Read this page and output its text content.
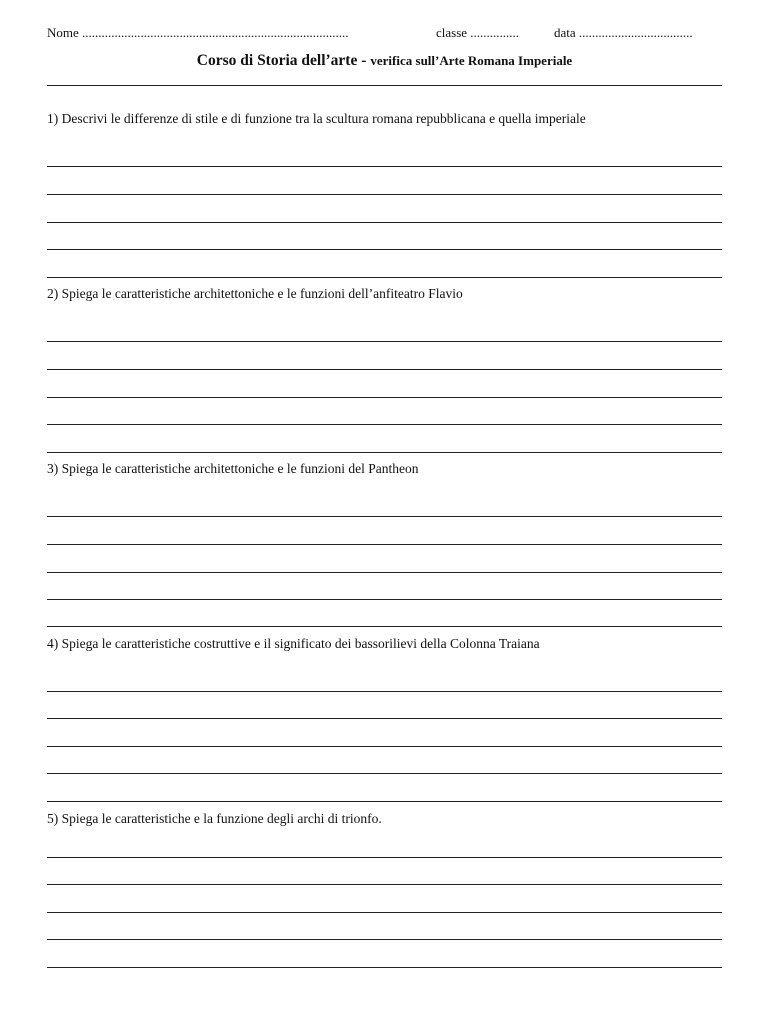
Nome ..................................................................................	classe ...............	data ...................................
Corso di Storia dell’arte - verifica sull’Arte Romana Imperiale
1) Descrivi le differenze di stile e di funzione tra la scultura romana repubblicana e quella imperiale
2) Spiega le caratteristiche architettoniche e le funzioni dell’anfiteatro Flavio
3) Spiega le caratteristiche architettoniche e le funzioni del Pantheon
4) Spiega le caratteristiche costruttive e il significato dei bassorilievi della Colonna Traiana
5) Spiega le caratteristiche e la funzione degli archi di trionfo.
